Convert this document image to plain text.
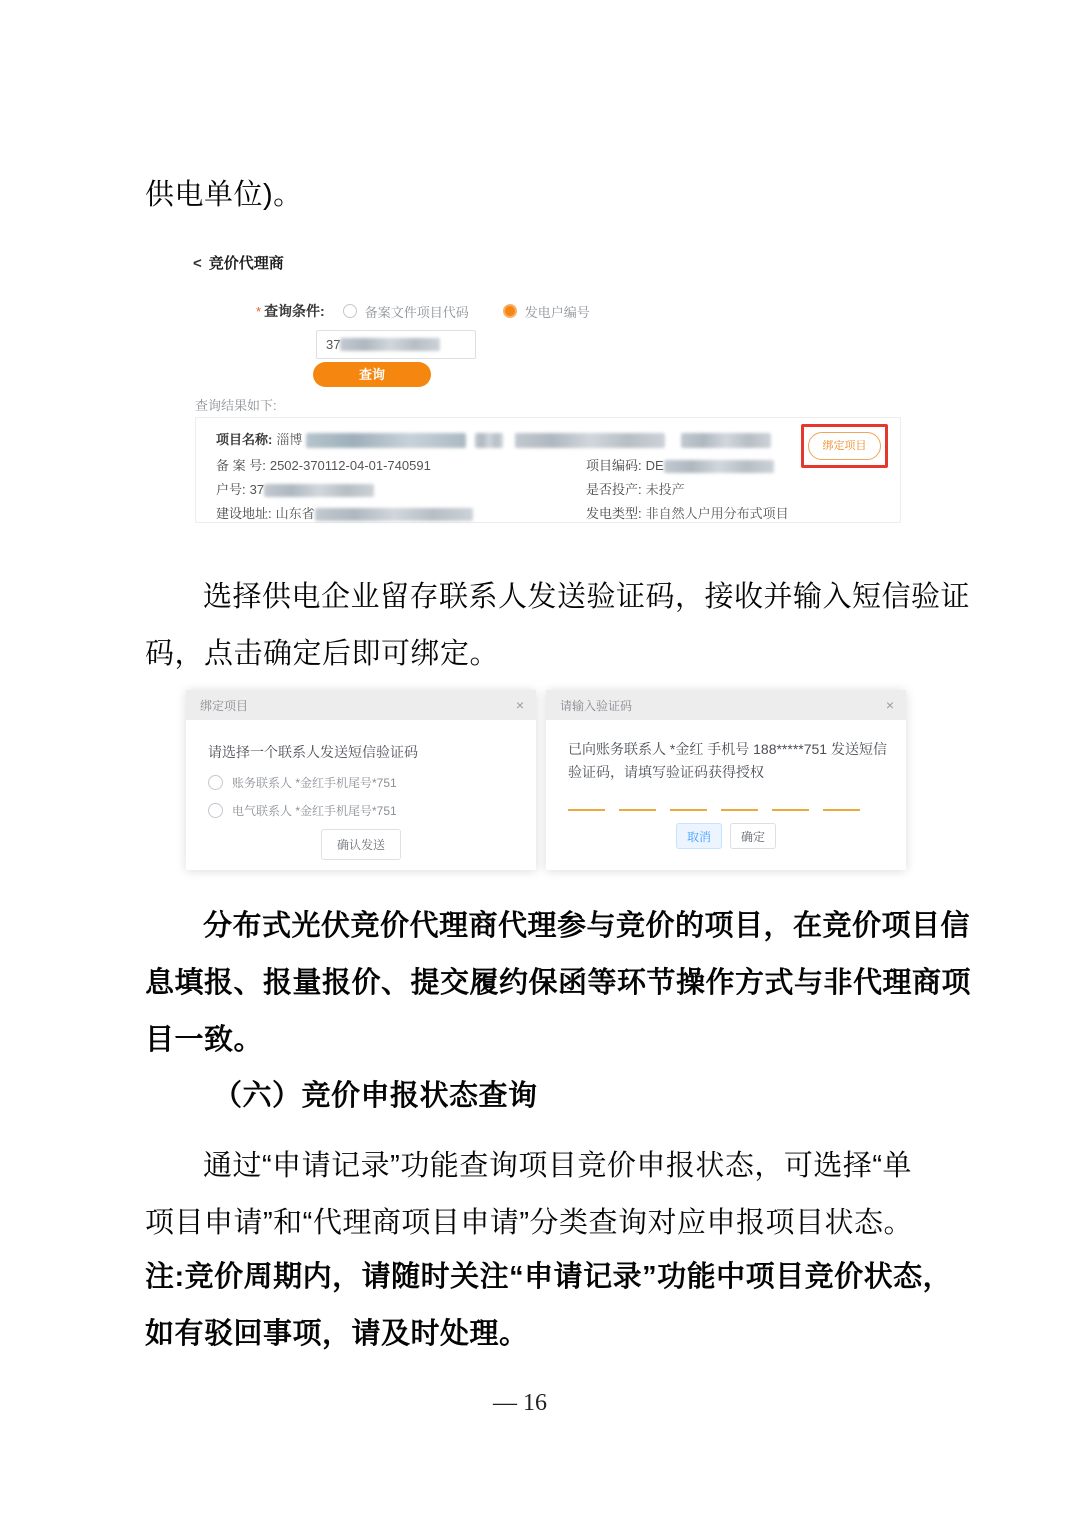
供电单位)。
< 竞价代理商
* 查询条件:	备案文件项目代码	发电户编号
37
查询
查询结果如下:
项目名称: 淄博
备 案 号: 2502-370112-04-01-740591	项目编码: DE
户号: 37	是否投产: 未投产
建设地址: 山东省	发电类型: 非自然人户用分布式项目
绑定项目
选择供电企业留存联系人发送验证码，接收并输入短信验证
码，点击确定后即可绑定。
绑定项目	×
请选择一个联系人发送短信验证码
账务联系人 *金红手机尾号*751
电气联系人 *金红手机尾号*751
确认发送
请输入验证码	×
已向账务联系人 *金红 手机号 188*****751 发送短信验证码，请填写验证码获得授权
取消	确定
分布式光伏竞价代理商代理参与竞价的项目，在竞价项目信
息填报、报量报价、提交履约保函等环节操作方式与非代理商项
目一致。
（六）竞价申报状态查询
通过“申请记录”功能查询项目竞价申报状态，可选择“单
项目申请”和“代理商项目申请”分类查询对应申报项目状态。
注:竞价周期内，请随时关注“申请记录”功能中项目竞价状态，
如有驳回事项，请及时处理。
— 16
